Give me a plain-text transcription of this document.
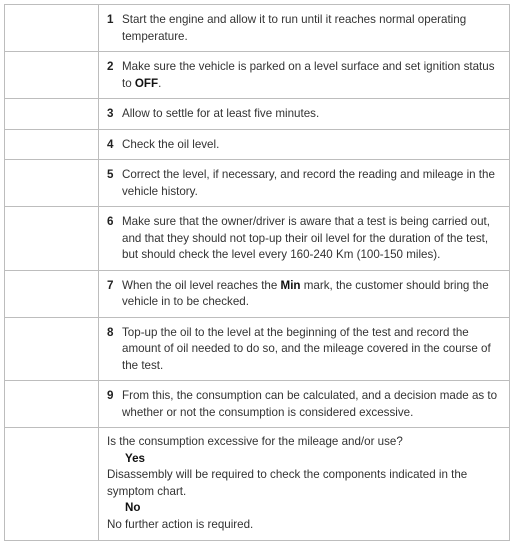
	1 Start the engine and allow it to run until it reaches normal operating temperature.

	2 Make sure the vehicle is parked on a level surface and set ignition status to OFF.

	3 Allow to settle for at least five minutes.

	4 Check the oil level.

	5 Correct the level, if necessary, and record the reading and mileage in the vehicle history.

	6 Make sure that the owner/driver is aware that a test is being carried out, and that they should not top-up their oil level for the duration of the test, but should check the level every 160-240 Km (100-150 miles).

	7 When the oil level reaches the Min mark, the customer should bring the vehicle in to be checked.

	8 Top-up the oil to the level at the beginning of the test and record the amount of oil needed to do so, and the mileage covered in the course of the test.

	9 From this, the consumption can be calculated, and a decision made as to whether or not the consumption is considered excessive.

	Is the consumption excessive for the mileage and/or use?
Yes
Disassembly will be required to check the components indicated in the symptom chart.
No
No further action is required.
